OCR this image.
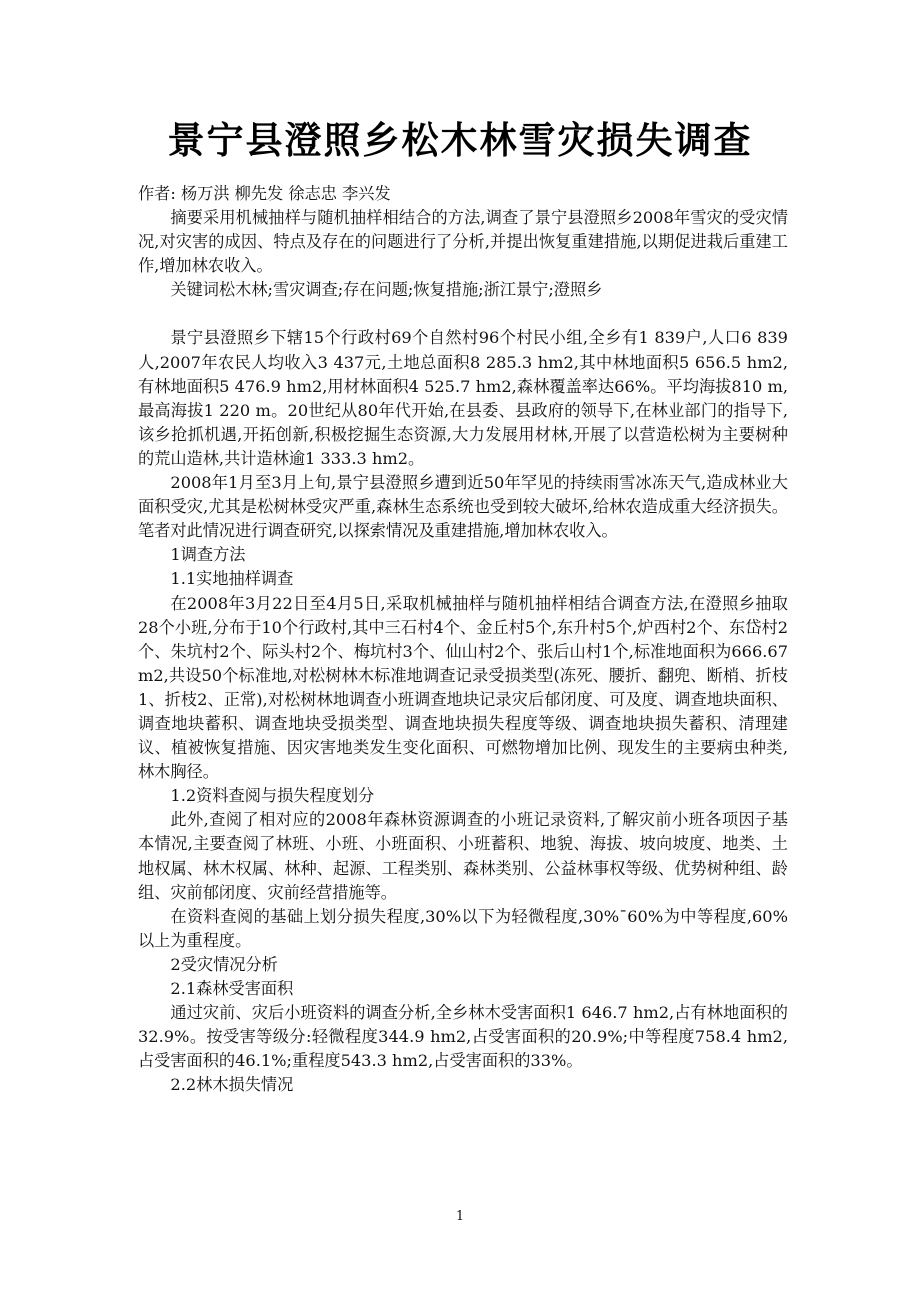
景宁县澄照乡松木林雪灾损失调查

作者: 杨万洪 柳先发 徐志忠 李兴发

摘要采用机械抽样与随机抽样相结合的方法,调查了景宁县澄照乡2008年雪灾的受灾情况,对灾害的成因、特点及存在的问题进行了分析,并提出恢复重建措施,以期促进栽后重建工作,增加林农收入。

关键词松木林;雪灾调查;存在问题;恢复措施;浙江景宁;澄照乡

景宁县澄照乡下辖15个行政村69个自然村96个村民小组,全乡有1 839户,人口6 839人,2007年农民人均收入3 437元,土地总面积8 285.3 hm2,其中林地面积5 656.5 hm2,有林地面积5 476.9 hm2,用材林面积4 525.7 hm2,森林覆盖率达66%。平均海拔810 m,最高海拔1 220 m。20世纪从80年代开始,在县委、县政府的领导下,在林业部门的指导下,该乡抢抓机遇,开拓创新,积极挖掘生态资源,大力发展用材林,开展了以营造松树为主要树种的荒山造林,共计造林逾1 333.3 hm2。

2008年1月至3月上旬,景宁县澄照乡遭到近50年罕见的持续雨雪冰冻天气,造成林业大面积受灾,尤其是松树林受灾严重,森林生态系统也受到较大破坏,给林农造成重大经济损失。笔者对此情况进行调查研究,以探索情况及重建措施,增加林农收入。

1调查方法

1.1实地抽样调查

在2008年3月22日至4月5日,采取机械抽样与随机抽样相结合调查方法,在澄照乡抽取28个小班,分布于10个行政村,其中三石村4个、金丘村5个,东升村5个,炉西村2个、东岱村2个、朱坑村2个、际头村2个、梅坑村3个、仙山村2个、张后山村1个,标准地面积为666.67 m2,共设50个标准地,对松树林木标准地调查记录受损类型(冻死、腰折、翻兜、断梢、折枝1、折枝2、正常),对松树林地调查小班调查地块记录灾后郁闭度、可及度、调查地块面积、调查地块蓄积、调查地块受损类型、调查地块损失程度等级、调查地块损失蓄积、清理建议、植被恢复措施、因灾害地类发生变化面积、可燃物增加比例、现发生的主要病虫种类,林木胸径。

1.2资料查阅与损失程度划分

此外,查阅了相对应的2008年森林资源调查的小班记录资料,了解灾前小班各项因子基本情况,主要查阅了林班、小班、小班面积、小班蓄积、地貌、海拔、坡向坡度、地类、土地权属、林木权属、林种、起源、工程类别、森林类别、公益林事权等级、优势树种组、龄组、灾前郁闭度、灾前经营措施等。

在资料查阅的基础上划分损失程度,30%以下为轻微程度,30%¯60%为中等程度,60%以上为重程度。

2受灾情况分析

2.1森林受害面积

通过灾前、灾后小班资料的调查分析,全乡林木受害面积1 646.7 hm2,占有林地面积的32.9%。按受害等级分:轻微程度344.9 hm2,占受害面积的20.9%;中等程度758.4 hm2,占受害面积的46.1%;重程度543.3 hm2,占受害面积的33%。

2.2林木损失情况

1
